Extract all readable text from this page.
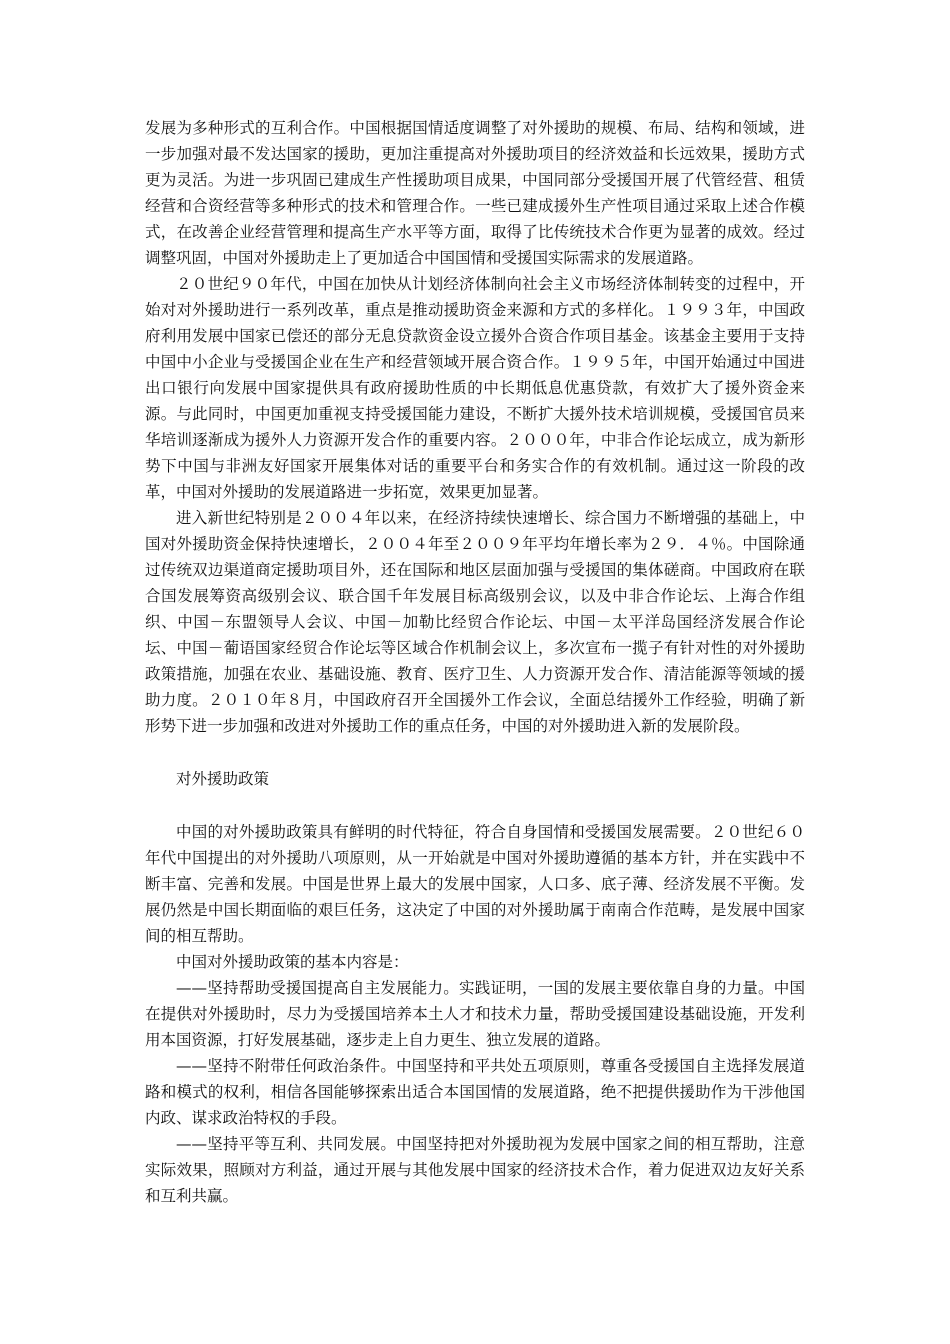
发展为多种形式的互利合作。中国根据国情适度调整了对外援助的规模、布局、结构和领域，进一步加强对最不发达国家的援助，更加注重提高对外援助项目的经济效益和长远效果，援助方式更为灵活。为进一步巩固已建成生产性援助项目成果，中国同部分受援国开展了代管经营、租赁经营和合资经营等多种形式的技术和管理合作。一些已建成援外生产性项目通过采取上述合作模式，在改善企业经营管理和提高生产水平等方面，取得了比传统技术合作更为显著的成效。经过调整巩固，中国对外援助走上了更加适合中国国情和受援国实际需求的发展道路。

２０世纪９０年代，中国在加快从计划经济体制向社会主义市场经济体制转变的过程中，开始对对外援助进行一系列改革，重点是推动援助资金来源和方式的多样化。１９９３年，中国政府利用发展中国家已偿还的部分无息贷款资金设立援外合资合作项目基金。该基金主要用于支持中国中小企业与受援国企业在生产和经营领域开展合资合作。１９９５年，中国开始通过中国进出口银行向发展中国家提供具有政府援助性质的中长期低息优惠贷款，有效扩大了援外资金来源。与此同时，中国更加重视支持受援国能力建设，不断扩大援外技术培训规模，受援国官员来华培训逐渐成为援外人力资源开发合作的重要内容。２０００年，中非合作论坛成立，成为新形势下中国与非洲友好国家开展集体对话的重要平台和务实合作的有效机制。通过这一阶段的改革，中国对外援助的发展道路进一步拓宽，效果更加显著。

进入新世纪特别是２００４年以来，在经济持续快速增长、综合国力不断增强的基础上，中国对外援助资金保持快速增长，２００４年至２００９年平均年增长率为２９．４％。中国除通过传统双边渠道商定援助项目外，还在国际和地区层面加强与受援国的集体磋商。中国政府在联合国发展筹资高级别会议、联合国千年发展目标高级别会议，以及中非合作论坛、上海合作组织、中国－东盟领导人会议、中国－加勒比经贸合作论坛、中国－太平洋岛国经济发展合作论坛、中国－葡语国家经贸合作论坛等区域合作机制会议上，多次宣布一揽子有针对性的对外援助政策措施，加强在农业、基础设施、教育、医疗卫生、人力资源开发合作、清洁能源等领域的援助力度。２０１０年８月，中国政府召开全国援外工作会议，全面总结援外工作经验，明确了新形势下进一步加强和改进对外援助工作的重点任务，中国的对外援助进入新的发展阶段。

对外援助政策

中国的对外援助政策具有鲜明的时代特征，符合自身国情和受援国发展需要。２０世纪６０年代中国提出的对外援助八项原则，从一开始就是中国对外援助遵循的基本方针，并在实践中不断丰富、完善和发展。中国是世界上最大的发展中国家，人口多、底子薄、经济发展不平衡。发展仍然是中国长期面临的艰巨任务，这决定了中国的对外援助属于南南合作范畴，是发展中国家间的相互帮助。

中国对外援助政策的基本内容是：

——坚持帮助受援国提高自主发展能力。实践证明，一国的发展主要依靠自身的力量。中国在提供对外援助时，尽力为受援国培养本土人才和技术力量，帮助受援国建设基础设施，开发利用本国资源，打好发展基础，逐步走上自力更生、独立发展的道路。

——坚持不附带任何政治条件。中国坚持和平共处五项原则，尊重各受援国自主选择发展道路和模式的权利，相信各国能够探索出适合本国国情的发展道路，绝不把提供援助作为干涉他国内政、谋求政治特权的手段。

——坚持平等互利、共同发展。中国坚持把对外援助视为发展中国家之间的相互帮助，注意实际效果，照顾对方利益，通过开展与其他发展中国家的经济技术合作，着力促进双边友好关系和互利共赢。
